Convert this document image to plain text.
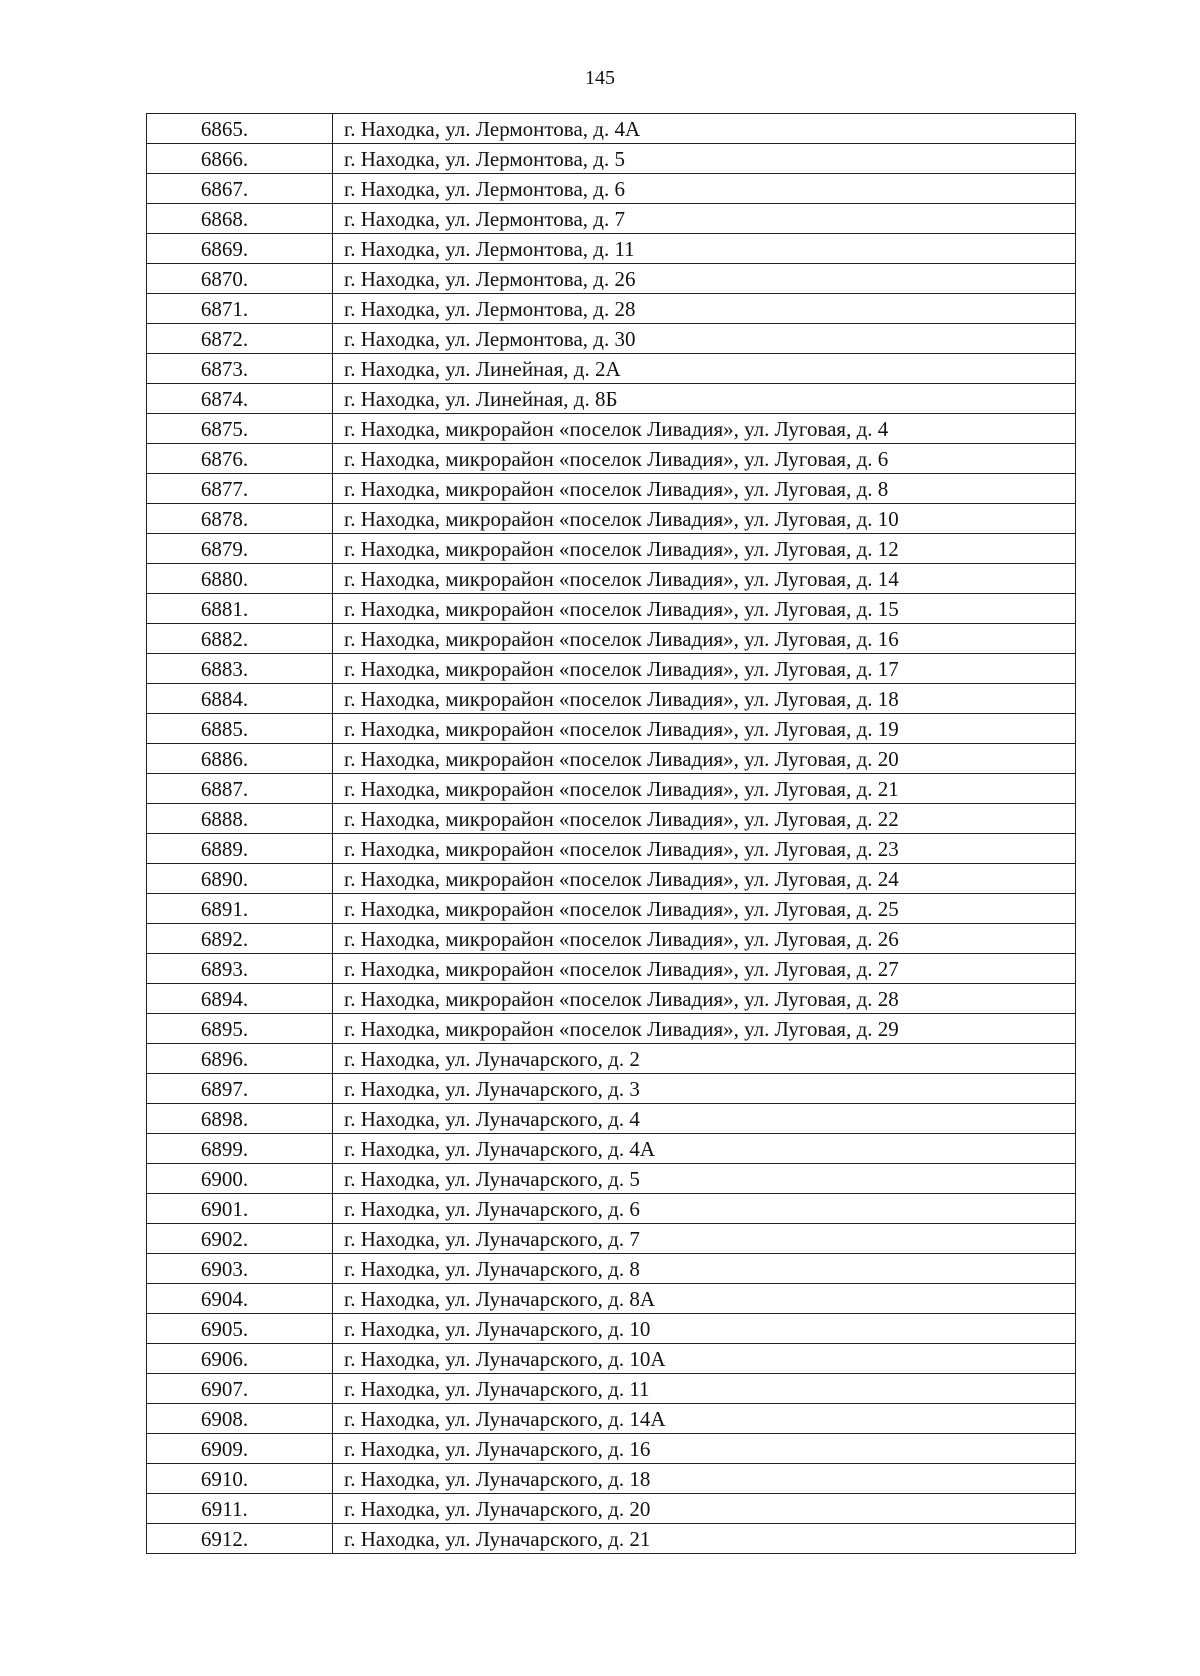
145
6865.	г. Находка, ул. Лермонтова, д. 4А
6866.	г. Находка, ул. Лермонтова, д. 5
6867.	г. Находка, ул. Лермонтова, д. 6
6868.	г. Находка, ул. Лермонтова, д. 7
6869.	г. Находка, ул. Лермонтова, д. 11
6870.	г. Находка, ул. Лермонтова, д. 26
6871.	г. Находка, ул. Лермонтова, д. 28
6872.	г. Находка, ул. Лермонтова, д. 30
6873.	г. Находка, ул. Линейная, д. 2А
6874.	г. Находка, ул. Линейная, д. 8Б
6875.	г. Находка, микрорайон «поселок Ливадия», ул. Луговая, д. 4
6876.	г. Находка, микрорайон «поселок Ливадия», ул. Луговая, д. 6
6877.	г. Находка, микрорайон «поселок Ливадия», ул. Луговая, д. 8
6878.	г. Находка, микрорайон «поселок Ливадия», ул. Луговая, д. 10
6879.	г. Находка, микрорайон «поселок Ливадия», ул. Луговая, д. 12
6880.	г. Находка, микрорайон «поселок Ливадия», ул. Луговая, д. 14
6881.	г. Находка, микрорайон «поселок Ливадия», ул. Луговая, д. 15
6882.	г. Находка, микрорайон «поселок Ливадия», ул. Луговая, д. 16
6883.	г. Находка, микрорайон «поселок Ливадия», ул. Луговая, д. 17
6884.	г. Находка, микрорайон «поселок Ливадия», ул. Луговая, д. 18
6885.	г. Находка, микрорайон «поселок Ливадия», ул. Луговая, д. 19
6886.	г. Находка, микрорайон «поселок Ливадия», ул. Луговая, д. 20
6887.	г. Находка, микрорайон «поселок Ливадия», ул. Луговая, д. 21
6888.	г. Находка, микрорайон «поселок Ливадия», ул. Луговая, д. 22
6889.	г. Находка, микрорайон «поселок Ливадия», ул. Луговая, д. 23
6890.	г. Находка, микрорайон «поселок Ливадия», ул. Луговая, д. 24
6891.	г. Находка, микрорайон «поселок Ливадия», ул. Луговая, д. 25
6892.	г. Находка, микрорайон «поселок Ливадия», ул. Луговая, д. 26
6893.	г. Находка, микрорайон «поселок Ливадия», ул. Луговая, д. 27
6894.	г. Находка, микрорайон «поселок Ливадия», ул. Луговая, д. 28
6895.	г. Находка, микрорайон «поселок Ливадия», ул. Луговая, д. 29
6896.	г. Находка, ул. Луначарского, д. 2
6897.	г. Находка, ул. Луначарского, д. 3
6898.	г. Находка, ул. Луначарского, д. 4
6899.	г. Находка, ул. Луначарского, д. 4А
6900.	г. Находка, ул. Луначарского, д. 5
6901.	г. Находка, ул. Луначарского, д. 6
6902.	г. Находка, ул. Луначарского, д. 7
6903.	г. Находка, ул. Луначарского, д. 8
6904.	г. Находка, ул. Луначарского, д. 8А
6905.	г. Находка, ул. Луначарского, д. 10
6906.	г. Находка, ул. Луначарского, д. 10А
6907.	г. Находка, ул. Луначарского, д. 11
6908.	г. Находка, ул. Луначарского, д. 14А
6909.	г. Находка, ул. Луначарского, д. 16
6910.	г. Находка, ул. Луначарского, д. 18
6911.	г. Находка, ул. Луначарского, д. 20
6912.	г. Находка, ул. Луначарского, д. 21
